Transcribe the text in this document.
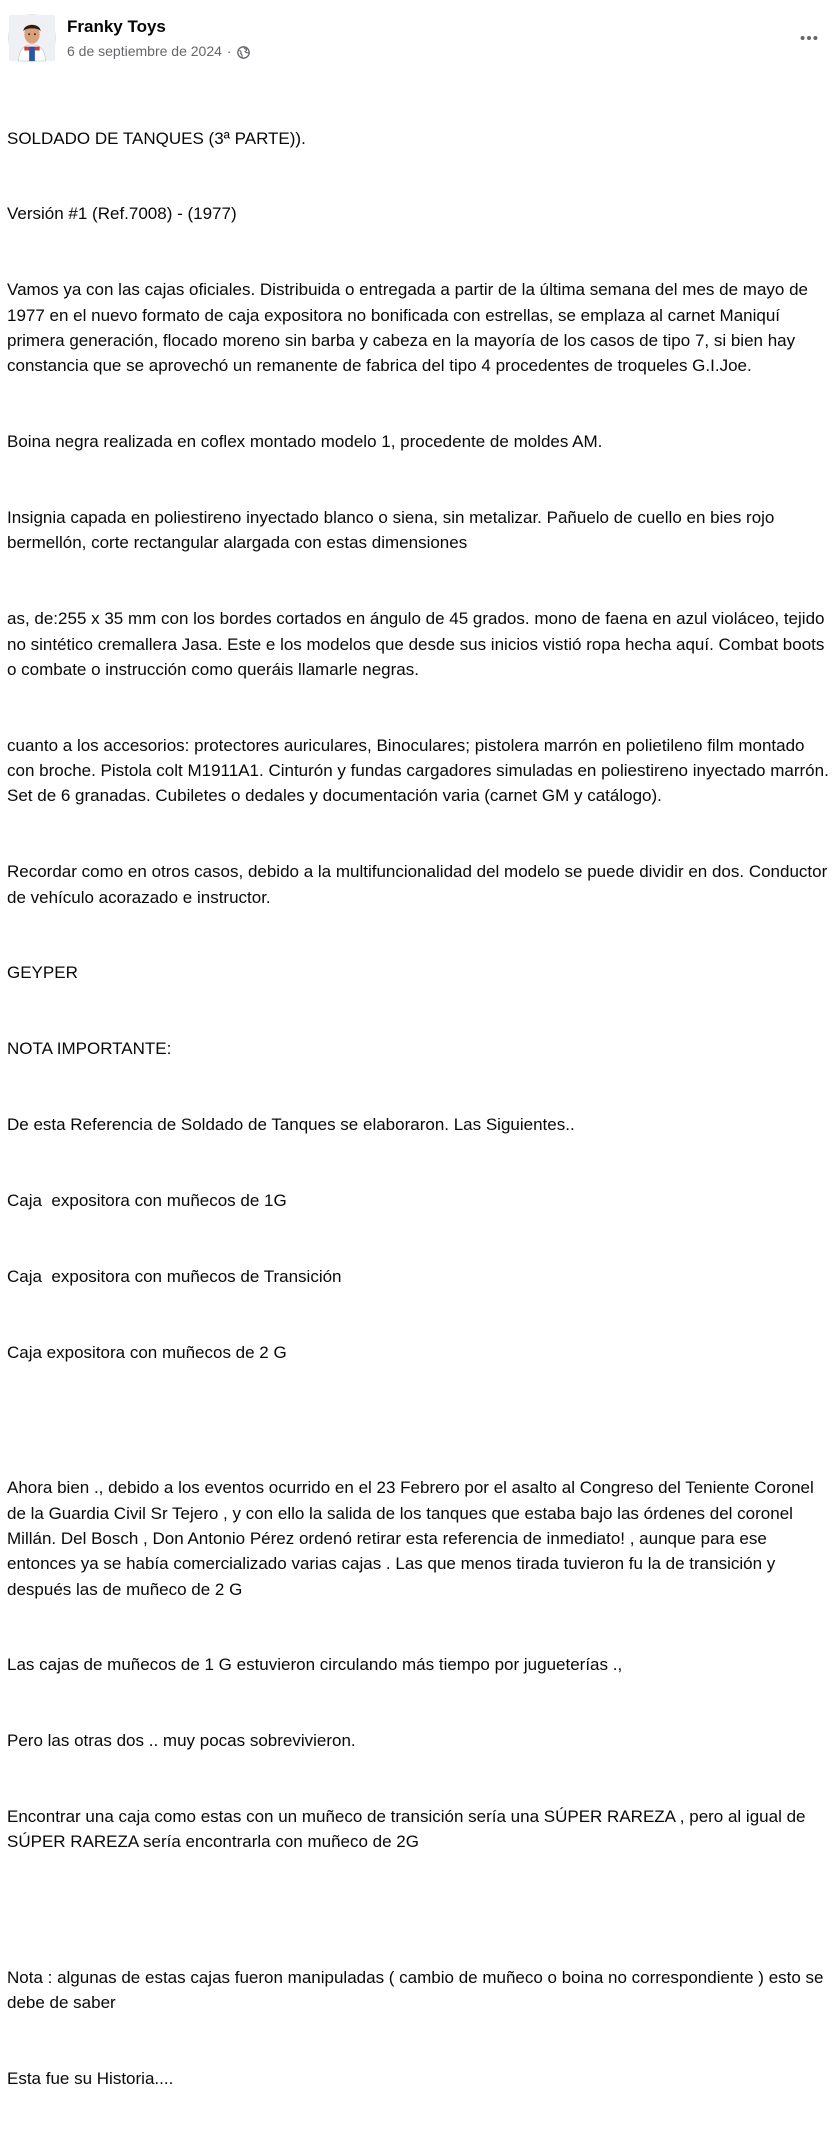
Franky Toys
6 de septiembre de 2024 ·

SOLDADO DE TANQUES (3ª PARTE)).

Versión #1 (Ref.7008) - (1977)

Vamos ya con las cajas oficiales. Distribuida o entregada a partir de la última semana del mes de mayo de 1977 en el nuevo formato de caja expositora no bonificada con estrellas, se emplaza al carnet Maniquí primera generación, flocado moreno sin barba y cabeza en la mayoría de los casos de tipo 7, si bien hay constancia que se aprovechó un remanente de fabrica del tipo 4 procedentes de troqueles G.I.Joe.

Boina negra realizada en coflex montado modelo 1, procedente de moldes AM.

Insignia capada en poliestireno inyectado blanco o siena, sin metalizar. Pañuelo de cuello en bies rojo bermellón, corte rectangular alargada con estas dimensiones

as, de:255 x 35 mm con los bordes cortados en ángulo de 45 grados. mono de faena en azul violáceo, tejido no sintético cremallera Jasa. Este e los modelos que desde sus inicios vistió ropa hecha aquí. Combat boots o combate o instrucción como queráis llamarle negras.

cuanto a los accesorios: protectores auriculares, Binoculares; pistolera marrón en polietileno film montado con broche. Pistola colt M1911A1. Cinturón y fundas cargadores simuladas en poliestireno inyectado marrón. Set de 6 granadas. Cubiletes o dedales y documentación varia (carnet GM y catálogo).

Recordar como en otros casos, debido a la multifuncionalidad del modelo se puede dividir en dos. Conductor de vehículo acorazado e instructor.

GEYPER

NOTA IMPORTANTE:

De esta Referencia de Soldado de Tanques se elaboraron. Las Siguientes..

Caja  expositora con muñecos de 1G

Caja  expositora con muñecos de Transición

Caja expositora con muñecos de 2 G

Ahora bien ., debido a los eventos ocurrido en el 23 Febrero por el asalto al Congreso del Teniente Coronel de la Guardia Civil Sr Tejero , y con ello la salida de los tanques que estaba bajo las órdenes del coronel Millán. Del Bosch , Don Antonio Pérez ordenó retirar esta referencia de inmediato! , aunque para ese entonces ya se había comercializado varias cajas . Las que menos tirada tuvieron fu la de transición y después las de muñeco de 2 G

Las cajas de muñecos de 1 G estuvieron circulando más tiempo por jugueterías .,

Pero las otras dos .. muy pocas sobrevivieron.

Encontrar una caja como estas con un muñeco de transición sería una SÚPER RAREZA , pero al igual de SÚPER RAREZA sería encontrarla con muñeco de 2G

Nota : algunas de estas cajas fueron manipuladas ( cambio de muñeco o boina no correspondiente ) esto se debe de saber

Esta fue su Historia....
